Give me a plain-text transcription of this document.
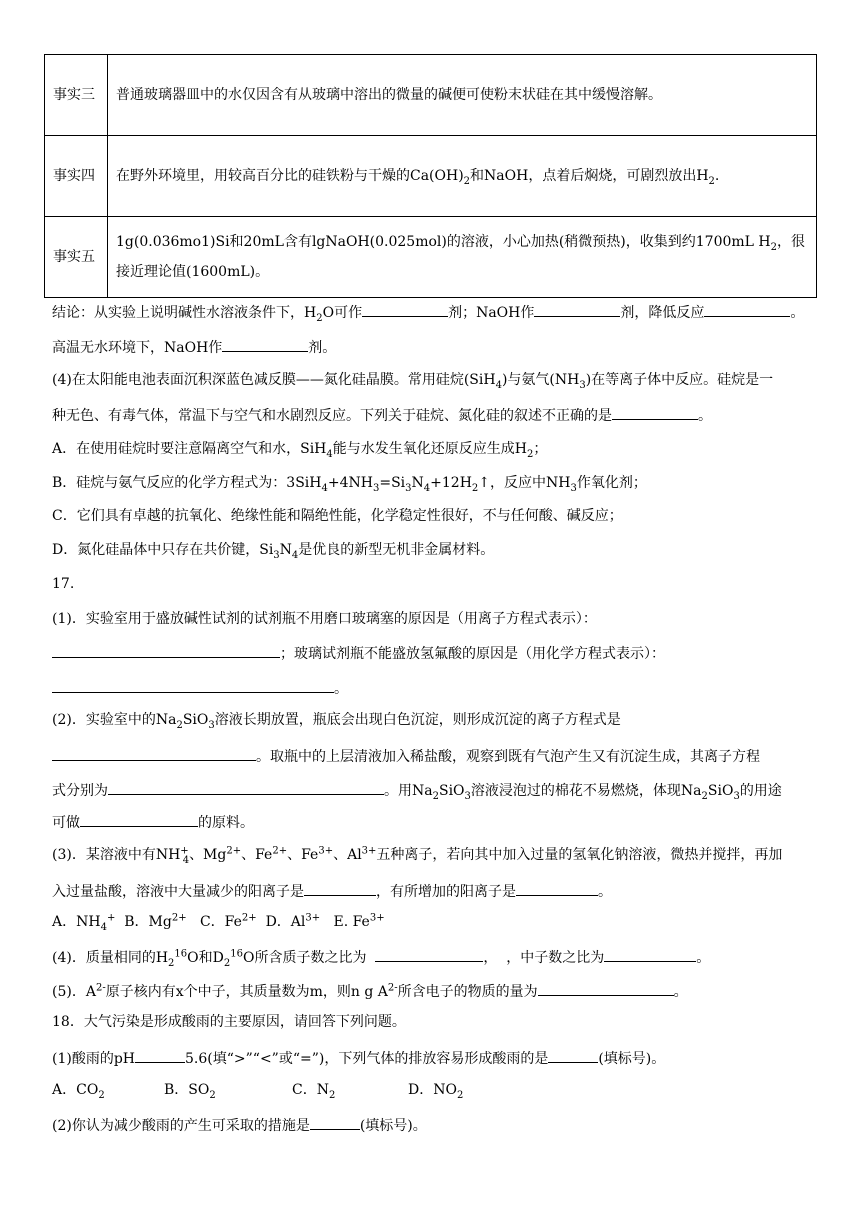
事实三	普通玻璃器皿中的水仅因含有从玻璃中溶出的微量的碱便可使粉末状硅在其中缓慢溶解。
事实四	在野外环境里，用较高百分比的硅铁粉与干燥的$Ca(OH)_2$和NaOH，点着后焖烧，可剧烈放出$H_2$.
事实五	1g(0.036mo1)Si和20mL含有lgNaOH(0.025mol)的溶液，小心加热(稍微预热)，收集到约1700mL $H_2$，很接近理论值(1600mL)。
结论：从实验上说明碱性水溶液条件下，$H_2O$可作	剂；NaOH作	剂，降低反应	。
高温无水环境下，NaOH作	剂。
(4)在太阳能电池表面沉积深蓝色减反膜——氮化硅晶膜。常用硅烷(SiH$_4$)与氨气$(NH_3)$在等离子体中反应。硅烷是一
种无色、有毒气体，常温下与空气和水剧烈反应。下列关于硅烷、氮化硅的叙述不正确的是	。
A．在使用硅烷时要注意隔离空气和水，SiH$_4$能与水发生氧化还原反应生成$H_2$；
B．硅烷与氨气反应的化学方程式为：$3SiH_4+4NH_3=Si_3N_4+12H_2↑$，反应中$NH_3$作氧化剂；
C．它们具有卓越的抗氧化、绝缘性能和隔绝性能，化学稳定性很好，不与任何酸、碱反应；
D．氮化硅晶体中只存在共价键，$Si_3N_4$是优良的新型无机非金属材料。
17.
(1)．实验室用于盛放碱性试剂的试剂瓶不用磨口玻璃塞的原因是（用离子方程式表示）：
；玻璃试剂瓶不能盛放氢氟酸的原因是（用化学方程式表示）：
。
(2)．实验室中的$Na_2SiO_3$溶液长期放置，瓶底会出现白色沉淀，则形成沉淀的离子方程式是
。取瓶中的上层清液加入稀盐酸，观察到既有气泡产生又有沉淀生成，其离子方程
式分别为	。用$Na_2SiO_3$溶液浸泡过的棉花不易燃烧，体现$Na_2SiO_3$的用途
可做	的原料。
(3)．某溶液中有$NH^+_4$、$Mg^{2+}$、$Fe^{2+}$、$Fe^{3+}$、$Al^{3+}$五种离子，若向其中加入过量的氢氧化钠溶液，微热并搅拌，再加
入过量盐酸，溶液中大量减少的阳离子是	，有所增加的阳离子是	。
A．$NH_4^+$ B．$Mg^{2+}$ C．$Fe^{2+}$ D．$Al^{3+}$ E. $Fe^{3+}$
(4)．质量相同的$H_2^{16}O$和$D_2^{16}O$所含质子数之比为	，  ，中子数之比为	。
(5)．$A^{2-}$原子核内有x个中子，其质量数为m，则n g $A^{2-}$所含电子的物质的量为	。
18．大气污染是形成酸雨的主要原因，请回答下列问题。
(1)酸雨的pH	5.6(填“>”“<”或“=”)，下列气体的排放容易形成酸雨的是	(填标号)。
A．$CO_2$	B．$SO_2$	C．$N_2$	D．$NO_2$
(2)你认为减少酸雨的产生可采取的措施是	(填标号)。
